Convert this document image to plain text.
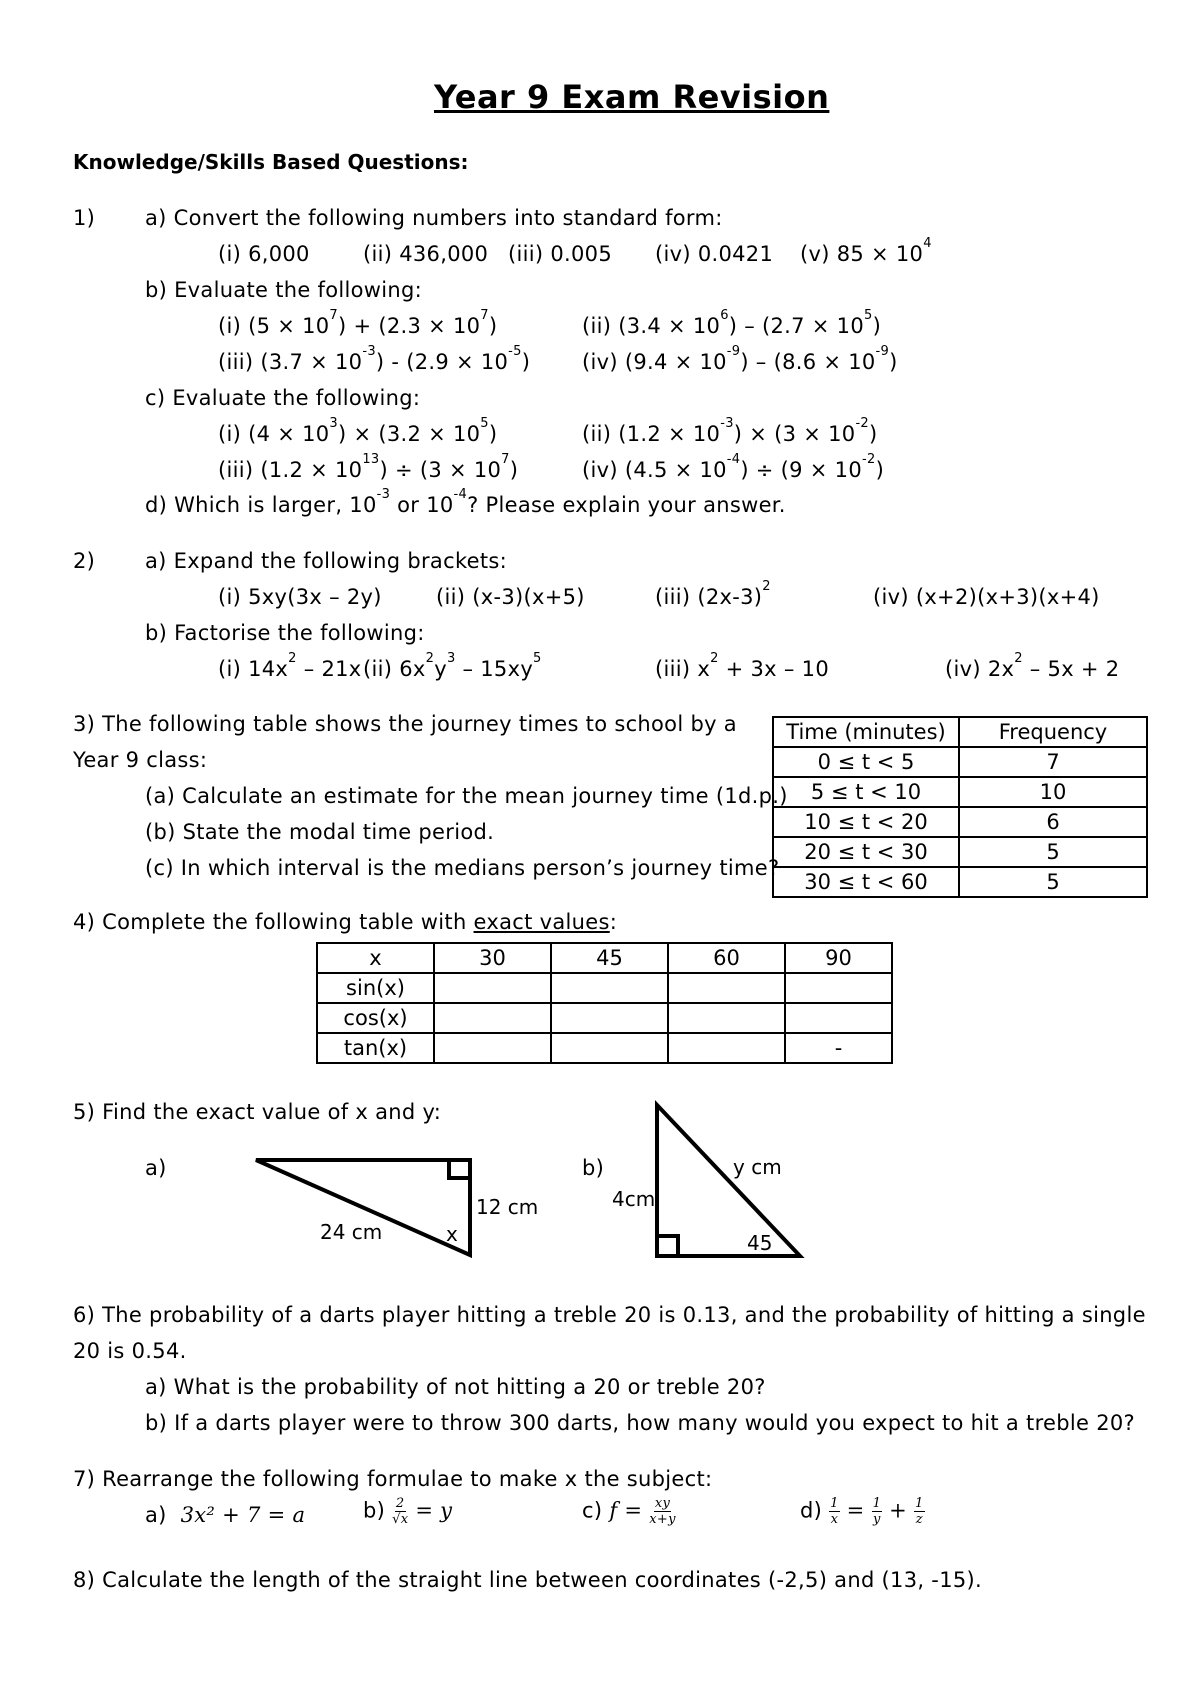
Year 9 Exam Revision
Knowledge/Skills Based Questions:
1) a) Convert the following numbers into standard form:
(i) 6,000	(ii) 436,000 (iii) 0.005 (iv) 0.0421 (v) $85 \times 10^4$
b) Evaluate the following:
(i) $(5 \times 10^7) + (2.3 \times 10^7)$	(ii) $(3.4 \times 10^6) - (2.7 \times 10^5)$
(iii) $(3.7 \times 10^{-3}) - (2.9 \times 10^{-5})$ (iv) $(9.4 \times 10^{-9}) - (8.6 \times 10^{-9})$
c) Evaluate the following:
(i) $(4 \times 10^3) \times (3.2 \times 10^5)$	(ii) $(1.2 \times 10^{-3}) \times (3 \times 10^{-2})$
(iii) $(1.2 \times 10^{13}) \div (3 \times 10^7)$	(iv) $(4.5 \times 10^{-4}) \div (9 \times 10^{-2})$
d) Which is larger, $10^{-3}$ or $10^{-4}$? Please explain your answer.
2) a) Expand the following brackets:
(i) 5xy(3x – 2y)	(ii) (x-3)(x+5)	(iii) $(2x-3)^2$	(iv) (x+2)(x+3)(x+4)
b) Factorise the following:
(i) $14x^2 - 21x$ (ii) $6x^2y^3 - 15xy^5$	(iii) $x^2 + 3x - 10$	(iv) $2x^2 - 5x + 2$
3) The following table shows the journey times to school by a
Year 9 class:
(a) Calculate an estimate for the mean journey time (1d.p.)
(b) State the modal time period.
(c) In which interval is the medians person’s journey time?
Time (minutes)	Frequency
0 ≤ t < 5	7
5 ≤ t < 10	10
10 ≤ t < 20	6
20 ≤ t < 30	5
30 ≤ t < 60	5
4) Complete the following table with exact values:
x	30	45	60	90
sin(x)				
cos(x)				
tan(x)				-
5) Find the exact value of x and y:
a)	b)
12 cm
24 cm	x
4cm
y cm
45
6) The probability of a darts player hitting a treble 20 is 0.13, and the probability of hitting a single
20 is 0.54.
a) What is the probability of not hitting a 20 or treble 20?
b) If a darts player were to throw 300 darts, how many would you expect to hit a treble 20?
7) Rearrange the following formulae to make x the subject:
a) 3x² + 7 = a	$b) \frac{2}{√x} = y$	c) $f = \frac{xy}{x+y}$	$d) \frac{1}{x} = \frac{1}{y} + \frac{1}{z}$
8) Calculate the length of the straight line between coordinates (-2,5) and (13, -15).
